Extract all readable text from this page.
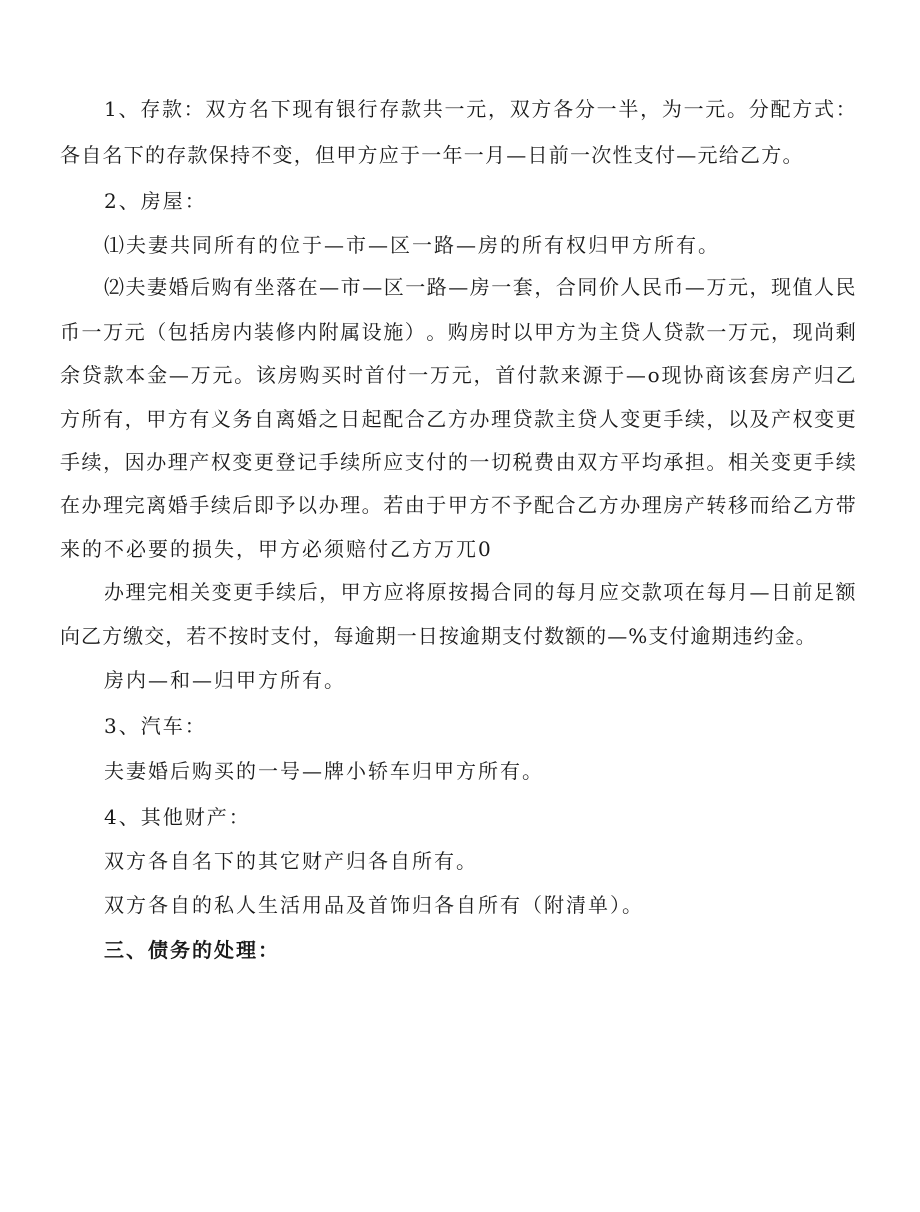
1 、 存 款 ： 双 方 名 下 现 有 银 行 存 款 共 一 元 ， 双 方 各 分 一 半 ， 为 一 元 。 分 配 方 式 ：
各 自 名 下 的 存 款 保 持 不 变 ， 但 甲 方 应 于 一 年 一 月 — 日 前 一 次 性 支 付 — 元 给 乙 方 。
2、房屋：
⑴夫妻共同所有的位于—市—区一路—房的所有权归甲方所有。
⑵ 夫 妻 婚 后 购 有 坐 落 在 — 市 — 区 一 路 — 房 一 套 ， 合 同 价 人 民 币 — 万 元 ， 现 值 人 民
币 一 万 元 （ 包 括 房 内 装 修 内 附 属 设 施 ） 。 购 房 时 以 甲 方 为 主 贷 人 贷 款 一 万 元 ， 现 尚 剩
余 贷 款 本 金 — 万 元 。 该 房 购 买 时 首 付 一 万 元 ， 首 付 款 来 源 于 — o 现 协 商 该 套 房 产 归 乙
方 所 有 ， 甲 方 有 义 务 自 离 婚 之 日 起 配 合 乙 方 办 理 贷 款 主 贷 人 变 更 手 续 ， 以 及 产 权 变 更
手 续 ， 因 办 理 产 权 变 更 登 记 手 续 所 应 支 付 的 一 切 税 费 由 双 方 平 均 承 担 。 相 关 变 更 手 续
在 办 理 完 离 婚 手 续 后 即 予 以 办 理 。 若 由 于 甲 方 不 予 配 合 乙 方 办 理 房 产 转 移 而 给 乙 方 带
来的不必要的损失，甲方必须赔付乙方万兀0
办 理 完 相 关 变 更 手 续 后 ， 甲 方 应 将 原 按 揭 合 同 的 每 月 应 交 款 项 在 每 月 — 日 前 足 额
向 乙 方 缴 交 ， 若 不 按 时 支 付 ， 每 逾 期 一 日 按 逾 期 支 付 数 额 的 — % 支 付 逾 期 违 约 金 。
房内—和—归甲方所有。
3、汽车：
夫妻婚后购买的一号—牌小轿车归甲方所有。
4、其他财产：
双方各自名下的其它财产归各自所有。
双方各自的私人生活用品及首饰归各自所有（附清单）。
三、债务的处理：
